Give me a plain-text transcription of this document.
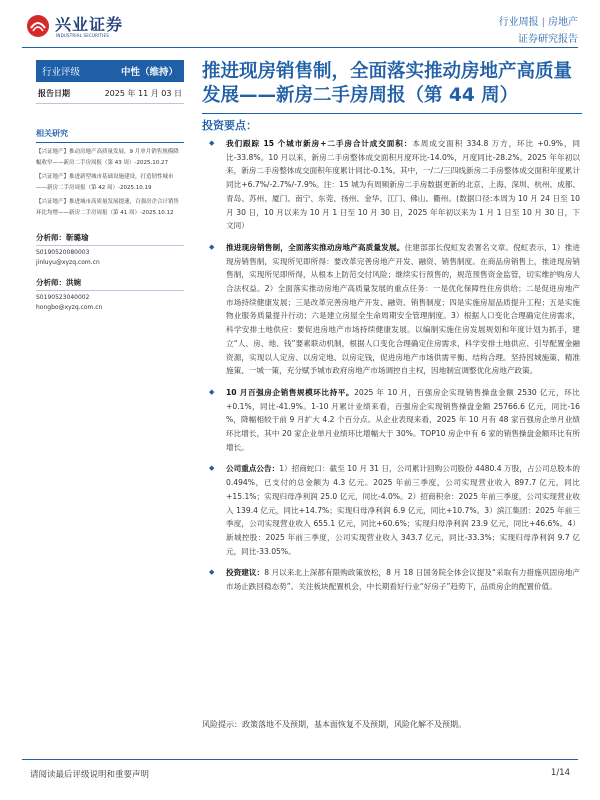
兴业证券
INDUSTRIAL SECURITIES
行业周报 | 房地产
证券研究报告
行业评级	中性（维持）
报告日期	2025 年 11 月 03 日
相关研究
【兴证地产】推动房地产高质量发展，9 月单月销售规模降幅收窄——新房二手房周报（第 43 周）-2025.10.27
【兴证地产】推进新型城市基础设施建设，打造韧性城市——新房二手房周报（第 42 周）-2025.10.19
【兴证地产】推进城市高质量发展提速，百强房企合计销售环比均增——新房二手房周报（第 41 周）-2025.10.12
分析师：靳璐瑜
S0190520080003
jinluyu@xyzq.com.cn
分析师：洪婉
S0190523040002
hongbo@xyzq.com.cn
推进现房销售制，全面落实推动房地产高质量发展——新房二手房周报（第 44 周）
投资要点：

◆ 我们跟踪 15 个城市新房+二手房合计成交面积：本周成交面积 334.8 万方，环比 +0.9%，同比-33.8%。10 月以来，新房二手房整体成交面积月度环比-14.0%，月度同比-28.2%。2025 年年初以来，新房二手房整体成交面积年度累计同比-0.1%。其中，一/二/三四线新房二手房整体成交面积年度累计同比+6.7%/-2.7%/-7.9%。注：15 城为有周频新房二手房数据更新的北京、上海、深圳、杭州、成都、青岛、苏州、厦门、南宁、东莞、扬州、金华、江门、佛山、衢州。(数据口径:本周为 10 月 24 日至 10 月 30 日，10 月以来为 10 月 1 日至 10 月 30 日，2025 年年初以来为 1 月 1 日至 10 月 30 日，下文同）

◆ 推进现房销售制，全面落实推动房地产高质量发展。住建部部长倪虹发表署名文章。倪虹表示，1）推进现房销售制，实现所见即所得：要改革完善房地产开发、融资、销售制度。在商品房销售上，推进现房销售制，实现所见即所得，从根本上防范交付风险；继续实行预售的，规范预售资金监管，切实维护购房人合法权益。2）全面落实推动房地产高质量发展的重点任务：一是优化保障性住房供给；二是促进房地产市场持续健康发展；三是改革完善房地产开发、融资、销售制度；四是实施房屋品质提升工程；五是实施物业服务质量提升行动；六是建立房屋全生命周期安全管理制度。3）根据人口变化合理确定住房需求，科学安排土地供应：要促进房地产市场持续健康发展。以编制实施住房发展规划和年度计划为抓手，建立“人、房、地、钱”要素联动机制，根据人口变化合理确定住房需求，科学安排土地供应、引导配置金融资源，实现以人定房、以房定地、以房定钱，促进房地产市场供需平衡、结构合理。坚持因城施策、精准施策、一城一策，充分赋予城市政府房地产市场调控自主权，因地制宜调整优化房地产政策。

◆ 10 月百强房企销售规模环比持平。2025 年 10 月，百强房企实现销售操盘金额 2530 亿元，环比+0.1%，同比-41.9%。1-10 月累计业绩来看，百强房企实现销售操盘金额 25766.6 亿元，同比-16 %，降幅相较于前 9 月扩大 4.2 个百分点。从企业表现来看，2025 年 10 月有 48 家百强房企单月业绩环比增长，其中 20 家企业单月业绩环比增幅大于 30%。TOP10 房企中有 6 家的销售操盘金额环比有所增长。

◆ 公司重点公告：1）招商蛇口：截至 10 月 31 日，公司累计回购公司股份 4480.4 万股，占公司总股本的 0.494%，已支付的总金额为 4.3 亿元。2025 年前三季度，公司实现营业收入 897.7 亿元，同比+15.1%；实现归母净利润 25.0 亿元，同比-4.0%。2）招商积余：2025 年前三季度，公司实现营业收入 139.4 亿元，同比+14.7%；实现归母净利润 6.9 亿元，同比+10.7%。3）滨江集团：2025 年前三季度，公司实现营业收入 655.1 亿元，同比+60.6%；实现归母净利润 23.9 亿元，同比+46.6%。4）新城控股：2025 年前三季度，公司实现营业收入 343.7 亿元，同比-33.3%；实现归母净利润 9.7 亿元，同比-33.05%。

◆ 投资建议：8 月以来北上深都有限购政策放松，8 月 18 日国务院全体会议提及“采取有力措施巩固房地产市场止跌回稳态势”。关注板块配置机会，中长期看好行业“好房子”趋势下，品质房企的配置价值。

风险提示：政策落地不及预期，基本面恢复不及预期，风险化解不及预期。
请阅读最后评级说明和重要声明	1/14
